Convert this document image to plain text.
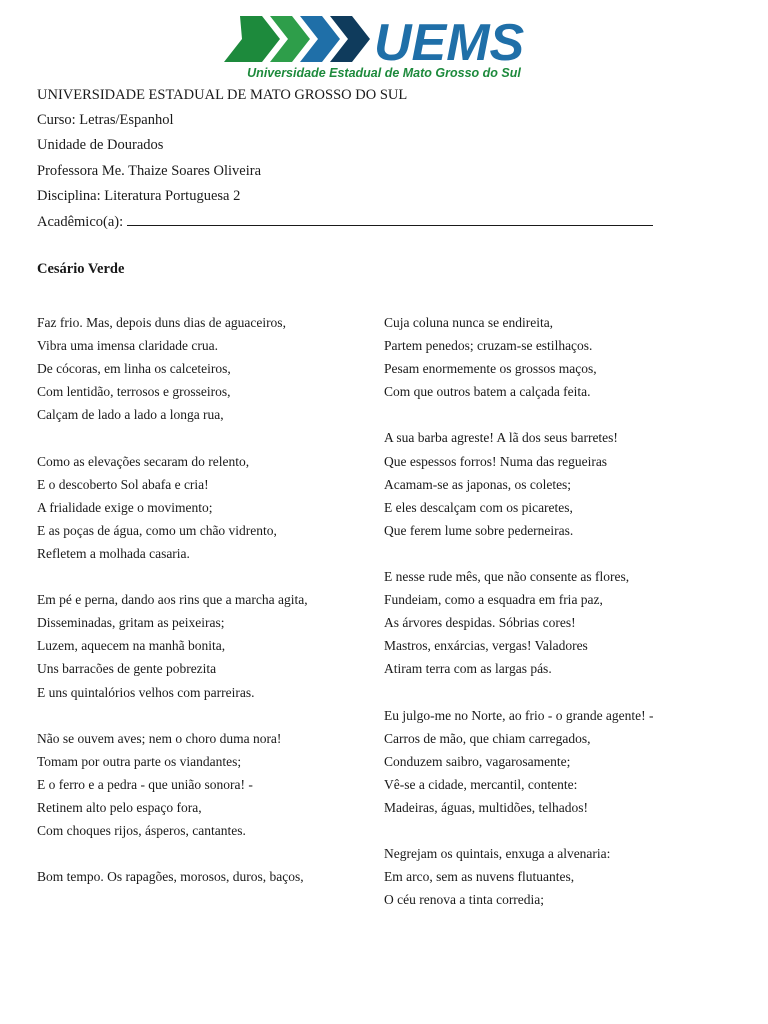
UEMS
Universidade Estadual de Mato Grosso do Sul
UNIVERSIDADE ESTADUAL DE MATO GROSSO DO SUL
Curso: Letras/Espanhol
Unidade de Dourados
Professora Me. Thaize Soares Oliveira
Disciplina: Literatura Portuguesa 2
Acadêmico(a):
Cesário Verde
Faz frio. Mas, depois duns dias de aguaceiros,
Vibra uma imensa claridade crua.
De cócoras, em linha os calceteiros,
Com lentidão, terrosos e grosseiros,
Calçam de lado a lado a longa rua,
Como as elevações secaram do relento,
E o descoberto Sol abafa e cria!
A frialidade exige o movimento;
E as poças de água, como um chão vidrento,
Refletem a molhada casaria.
Em pé e perna, dando aos rins que a marcha agita,
Disseminadas, gritam as peixeiras;
Luzem, aquecem na manhã bonita,
Uns barracões de gente pobrezita
E uns quintalórios velhos com parreiras.
Não se ouvem aves; nem o choro duma nora!
Tomam por outra parte os viandantes;
E o ferro e a pedra - que união sonora! -
Retinem alto pelo espaço fora,
Com choques rijos, ásperos, cantantes.
Bom tempo. Os rapagões, morosos, duros, baços,
Cuja coluna nunca se endireita,
Partem penedos; cruzam-se estilhaços.
Pesam enormemente os grossos maços,
Com que outros batem a calçada feita.
A sua barba agreste! A lã dos seus barretes!
Que espessos forros! Numa das regueiras
Acamam-se as japonas, os coletes;
E eles descalçam com os picaretes,
Que ferem lume sobre pederneiras.
E nesse rude mês, que não consente as flores,
Fundeiam, como a esquadra em fria paz,
As árvores despidas. Sóbrias cores!
Mastros, enxárcias, vergas! Valadores
Atiram terra com as largas pás.
Eu julgo-me no Norte, ao frio - o grande agente! -
Carros de mão, que chiam carregados,
Conduzem saibro, vagarosamente;
Vê-se a cidade, mercantil, contente:
Madeiras, águas, multidões, telhados!
Negrejam os quintais, enxuga a alvenaria:
Em arco, sem as nuvens flutuantes,
O céu renova a tinta corredia;
